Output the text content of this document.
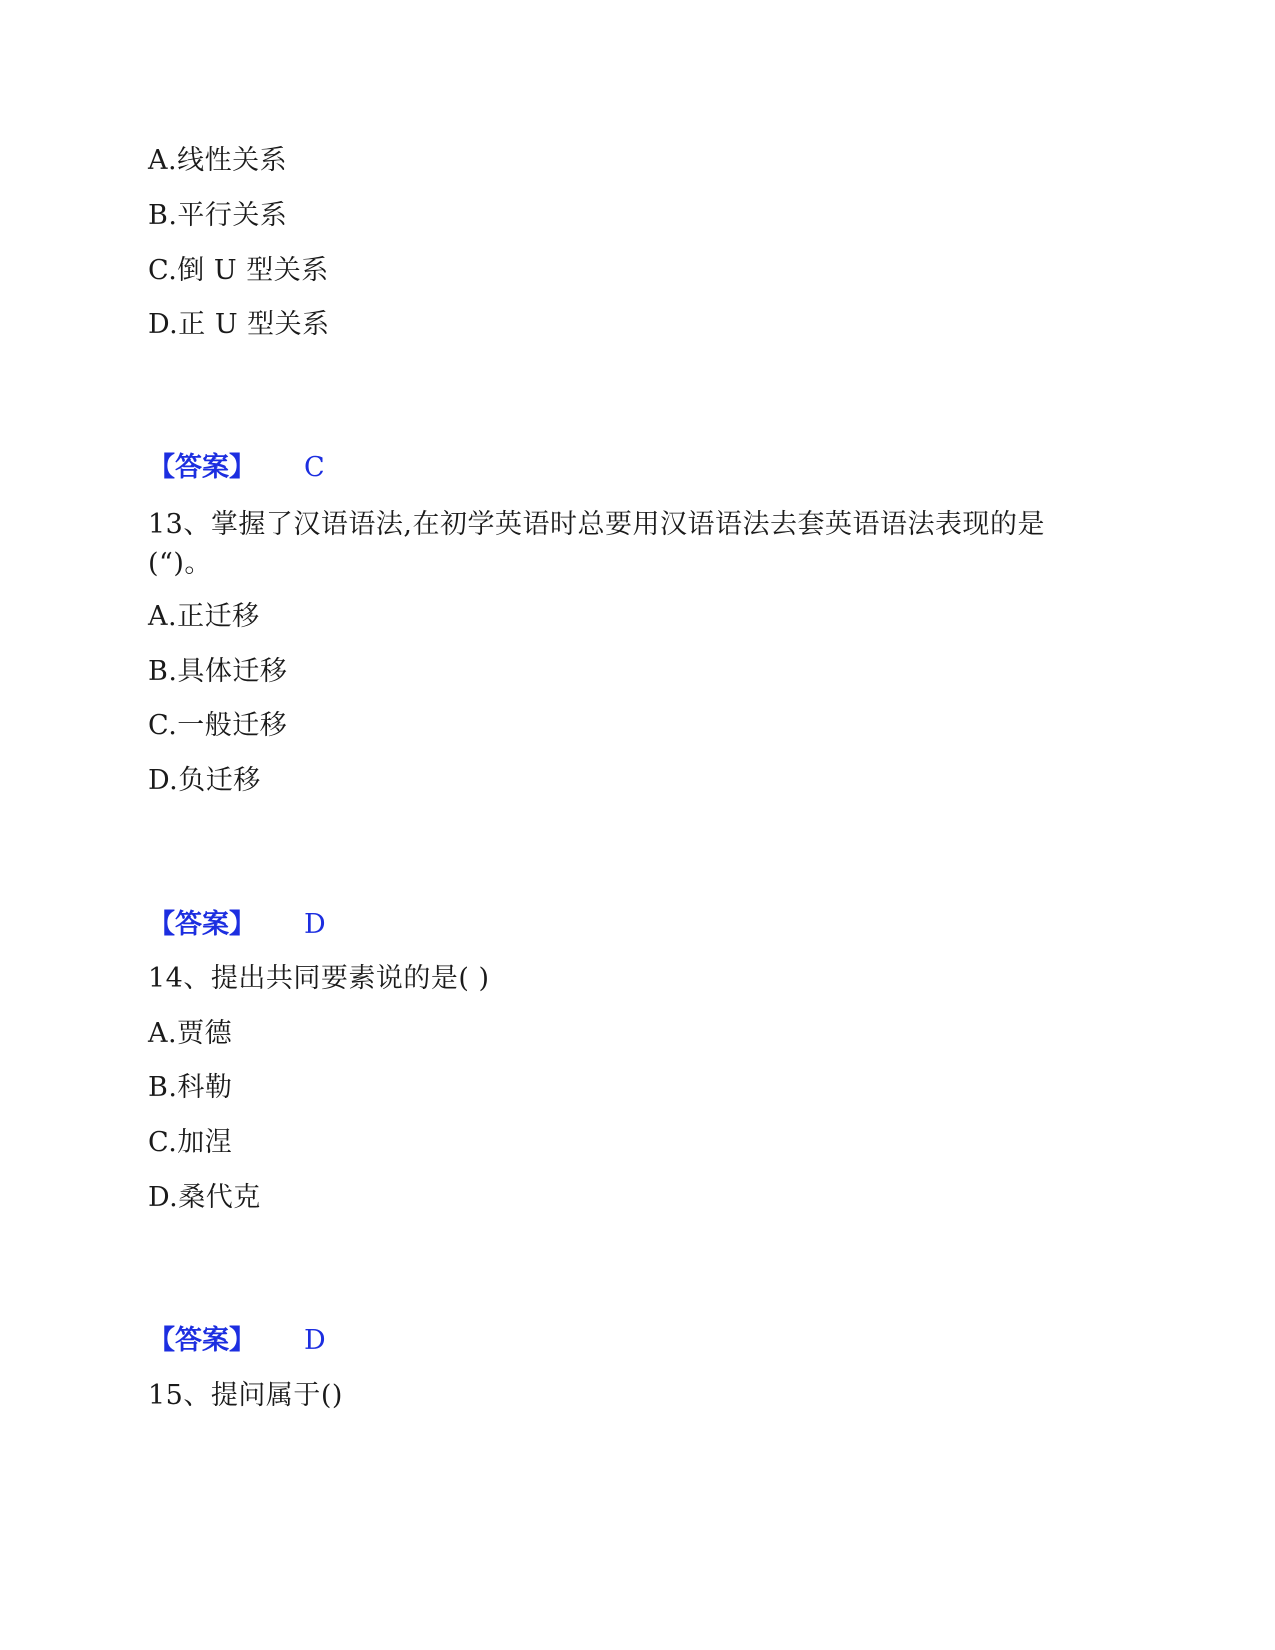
A.线性关系
B.平行关系
C.倒 U 型关系
D.正 U 型关系
【答案】 C
13、掌握了汉语语法,在初学英语时总要用汉语语法去套英语语法表现的是
(“)。
A.正迁移
B.具体迁移
C.一般迁移
D.负迁移
【答案】 D
14、提出共同要素说的是( )
A.贾德
B.科勒
C.加涅
D.桑代克
【答案】 D
15、提问属于()
